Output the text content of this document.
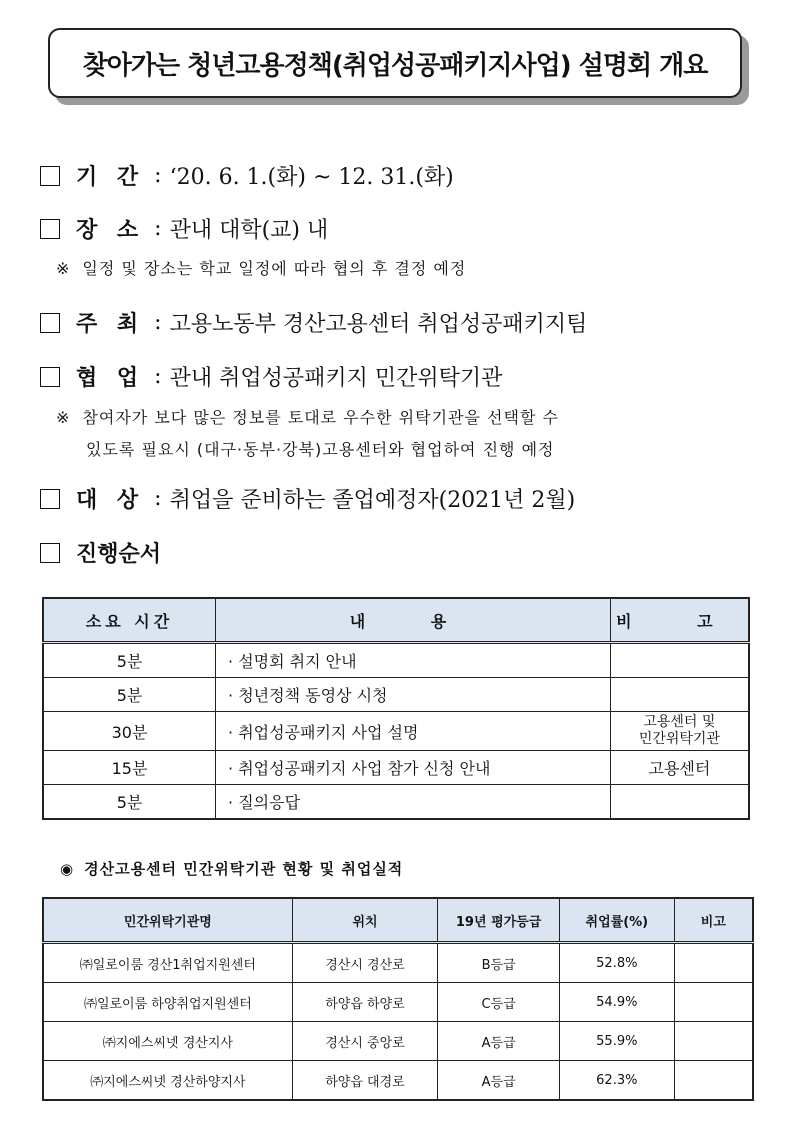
찾아가는 청년고용정책(취업성공패키지사업) 설명회 개요
기 간 : ‘20. 6. 1.(화) ~ 12. 31.(화)
장 소 : 관내 대학(교) 내
※ 일정 및 장소는 학교 일정에 따라 협의 후 결정 예정
주 최 : 고용노동부 경산고용센터 취업성공패키지팀
협 업 : 관내 취업성공패키지 민간위탁기관
※ 참여자가 보다 많은 정보를 토대로 우수한 위탁기관을 선택할 수
있도록 필요시 (대구·동부·강북)고용센터와 협업하여 진행 예정
대 상 : 취업을 준비하는 졸업예정자(2021년 2월)
진행순서
소요 시간	내 용	비 고
5분	· 설명회 취지 안내	
5분	· 청년정책 동영상 시청	
30분	· 취업성공패키지 사업 설명	고용센터 및
민간위탁기관
15분	· 취업성공패키지 사업 참가 신청 안내	고용센터
5분	· 질의응답	
◉ 경산고용센터 민간위탁기관 현황 및 취업실적
민간위탁기관명	위치	19년 평가등급	취업률(%)	비고
㈜일로이룸 경산1취업지원센터	경산시 경산로	B등급	52.8%	
㈜일로이룸 하양취업지원센터	하양읍 하양로	C등급	54.9%	
㈜지에스씨넷 경산지사	경산시 중앙로	A등급	55.9%	
㈜지에스씨넷 경산하양지사	하양읍 대경로	A등급	62.3%	
